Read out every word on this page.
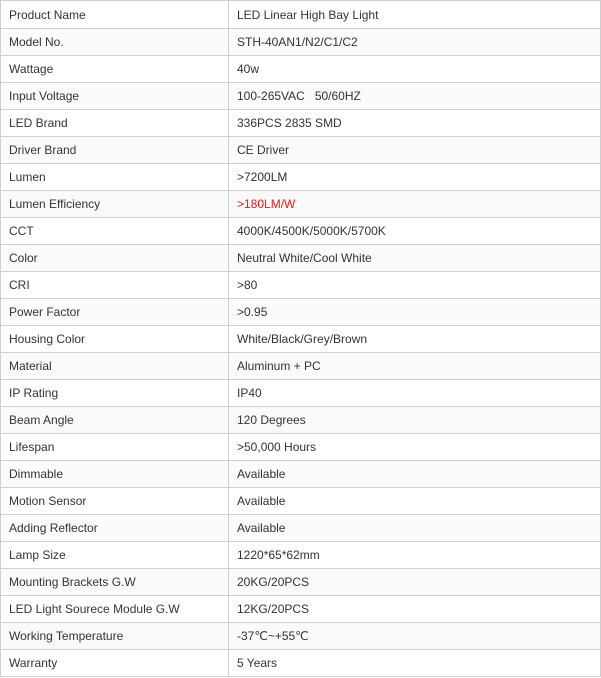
Product Name	LED Linear High Bay Light
Model No.	STH-40AN1/N2/C1/C2
Wattage	40w
Input Voltage	100-265VAC   50/60HZ
LED Brand	336PCS 2835 SMD
Driver Brand	CE Driver
Lumen	>7200LM
Lumen Efficiency	>180LM/W
CCT	4000K/4500K/5000K/5700K
Color	Neutral White/Cool White
CRI	>80
Power Factor	>0.95
Housing Color	White/Black/Grey/Brown
Material	Aluminum + PC
IP Rating	IP40
Beam Angle	120 Degrees
Lifespan	>50,000 Hours
Dimmable	Available
Motion Sensor	Available
Adding Reflector	Available
Lamp Size	1220*65*62mm
Mounting Brackets G.W	20KG/20PCS
LED Light Sourece Module G.W	12KG/20PCS
Working Temperature	-37℃~+55℃
Warranty	5 Years
